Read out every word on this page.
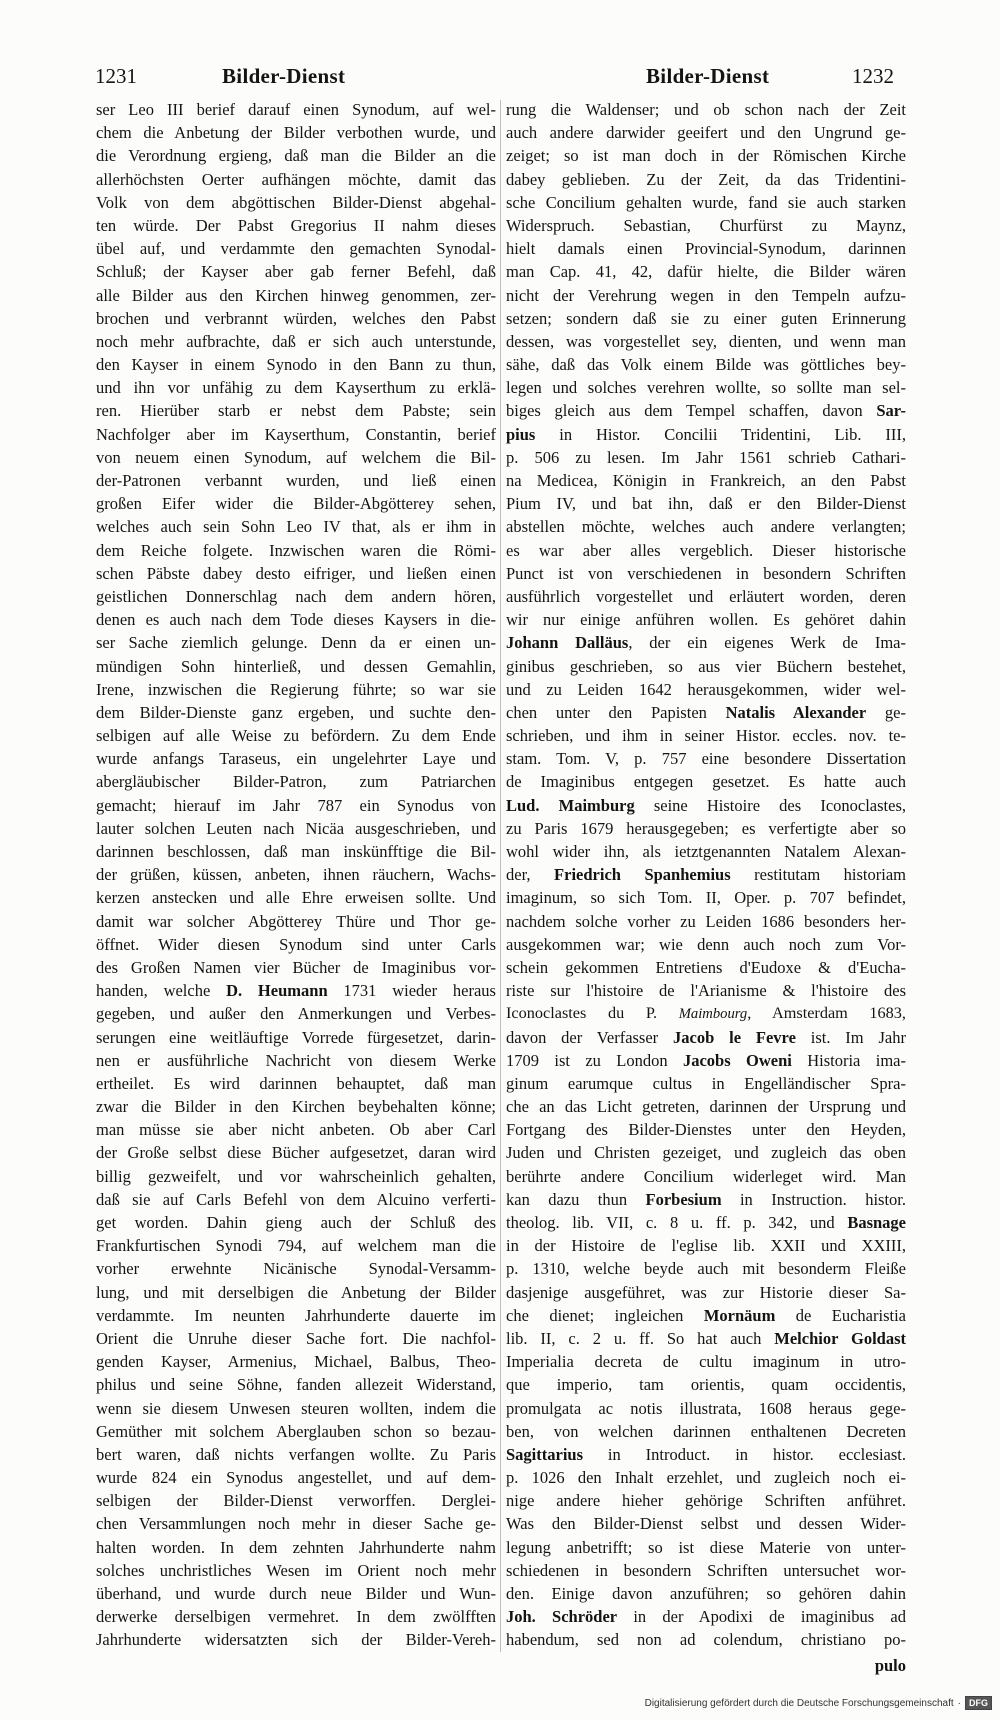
1231	Bilder-Dienst	Bilder-Dienst	1232
ser Leo III berief darauf einen Synodum, auf wel-
chem die Anbetung der Bilder verbothen wurde, und
die Verordnung ergieng, daß man die Bilder an die
allerhöchsten Oerter aufhängen möchte, damit das
Volk von dem abgöttischen Bilder-Dienst abgehal-
ten würde. Der Pabst Gregorius II nahm dieses
übel auf, und verdammte den gemachten Synodal-
Schluß; der Kayser aber gab ferner Befehl, daß
alle Bilder aus den Kirchen hinweg genommen, zer-
brochen und verbrannt würden, welches den Pabst
noch mehr aufbrachte, daß er sich auch unterstunde,
den Kayser in einem Synodo in den Bann zu thun,
und ihn vor unfähig zu dem Kayserthum zu erklä-
ren. Hierüber starb er nebst dem Pabste; sein
Nachfolger aber im Kayserthum, Constantin, berief
von neuem einen Synodum, auf welchem die Bil-
der-Patronen verbannt wurden, und ließ einen
großen Eifer wider die Bilder-Abgötterey sehen,
welches auch sein Sohn Leo IV that, als er ihm in
dem Reiche folgete. Inzwischen waren die Römi-
schen Päbste dabey desto eifriger, und ließen einen
geistlichen Donnerschlag nach dem andern hören,
denen es auch nach dem Tode dieses Kaysers in die-
ser Sache ziemlich gelunge. Denn da er einen un-
mündigen Sohn hinterließ, und dessen Gemahlin,
Irene, inzwischen die Regierung führte; so war sie
dem Bilder-Dienste ganz ergeben, und suchte den-
selbigen auf alle Weise zu befördern. Zu dem Ende
wurde anfangs Taraseus, ein ungelehrter Laye und
abergläubischer Bilder-Patron, zum Patriarchen
gemacht; hierauf im Jahr 787 ein Synodus von
lauter solchen Leuten nach Nicäa ausgeschrieben, und
darinnen beschlossen, daß man inskünfftige die Bil-
der grüßen, küssen, anbeten, ihnen räuchern, Wachs-
kerzen anstecken und alle Ehre erweisen sollte. Und
damit war solcher Abgötterey Thüre und Thor ge-
öffnet. Wider diesen Synodum sind unter Carls
des Großen Namen vier Bücher de Imaginibus vor-
handen, welche D. Heumann 1731 wieder heraus
gegeben, und außer den Anmerkungen und Verbes-
serungen eine weitläuftige Vorrede fürgesetzet, darin-
nen er ausführliche Nachricht von diesem Werke
ertheilet. Es wird darinnen behauptet, daß man
zwar die Bilder in den Kirchen beybehalten könne;
man müsse sie aber nicht anbeten. Ob aber Carl
der Große selbst diese Bücher aufgesetzet, daran wird
billig gezweifelt, und vor wahrscheinlich gehalten,
daß sie auf Carls Befehl von dem Alcuino verferti-
get worden. Dahin gieng auch der Schluß des
Frankfurtischen Synodi 794, auf welchem man die
vorher erwehnte Nicänische Synodal-Versamm-
lung, und mit derselbigen die Anbetung der Bilder
verdammte. Im neunten Jahrhunderte dauerte im
Orient die Unruhe dieser Sache fort. Die nachfol-
genden Kayser, Armenius, Michael, Balbus, Theo-
philus und seine Söhne, fanden allezeit Widerstand,
wenn sie diesem Unwesen steuren wollten, indem die
Gemüther mit solchem Aberglauben schon so bezau-
bert waren, daß nichts verfangen wollte. Zu Paris
wurde 824 ein Synodus angestellet, und auf dem-
selbigen der Bilder-Dienst verworffen. Derglei-
chen Versammlungen noch mehr in dieser Sache ge-
halten worden. In dem zehnten Jahrhunderte nahm
solches unchristliches Wesen im Orient noch mehr
überhand, und wurde durch neue Bilder und Wun-
derwerke derselbigen vermehret. In dem zwölfften
Jahrhunderte widersatzten sich der Bilder-Vereh-
rung die Waldenser; und ob schon nach der Zeit
auch andere darwider geeifert und den Ungrund ge-
zeiget; so ist man doch in der Römischen Kirche
dabey geblieben. Zu der Zeit, da das Tridentini-
sche Concilium gehalten wurde, fand sie auch starken
Widerspruch. Sebastian, Churfürst zu Maynz,
hielt damals einen Provincial-Synodum, darinnen
man Cap. 41, 42, dafür hielte, die Bilder wären
nicht der Verehrung wegen in den Tempeln aufzu-
setzen; sondern daß sie zu einer guten Erinnerung
dessen, was vorgestellet sey, dienten, und wenn man
sähe, daß das Volk einem Bilde was göttliches bey-
legen und solches verehren wollte, so sollte man sel-
biges gleich aus dem Tempel schaffen, davon Sar-
pius in Histor. Concilii Tridentini, Lib. III,
p. 506 zu lesen. Im Jahr 1561 schrieb Cathari-
na Medicea, Königin in Frankreich, an den Pabst
Pium IV, und bat ihn, daß er den Bilder-Dienst
abstellen möchte, welches auch andere verlangten;
es war aber alles vergeblich. Dieser historische
Punct ist von verschiedenen in besondern Schriften
ausführlich vorgestellet und erläutert worden, deren
wir nur einige anführen wollen. Es gehöret dahin
Johann Dalläus, der ein eigenes Werk de Ima-
ginibus geschrieben, so aus vier Büchern bestehet,
und zu Leiden 1642 herausgekommen, wider wel-
chen unter den Papisten Natalis Alexander ge-
schrieben, und ihm in seiner Histor. eccles. nov. te-
stam. Tom. V, p. 757 eine besondere Dissertation
de Imaginibus entgegen gesetzet. Es hatte auch
Lud. Maimburg seine Histoire des Iconoclastes,
zu Paris 1679 herausgegeben; es verfertigte aber so
wohl wider ihn, als ietztgenannten Natalem Alexan-
der, Friedrich Spanhemius restitutam historiam
imaginum, so sich Tom. II, Oper. p. 707 befindet,
nachdem solche vorher zu Leiden 1686 besonders her-
ausgekommen war; wie denn auch noch zum Vor-
schein gekommen Entretiens d'Eudoxe & d'Eucha-
riste sur l'histoire de l'Arianisme & l'histoire des
Iconoclastes du P. Maimbourg, Amsterdam 1683,
davon der Verfasser Jacob le Fevre ist. Im Jahr
1709 ist zu London Jacobs Oweni Historia ima-
ginum earumque cultus in Engelländischer Spra-
che an das Licht getreten, darinnen der Ursprung und
Fortgang des Bilder-Dienstes unter den Heyden,
Juden und Christen gezeiget, und zugleich das oben
berührte andere Concilium widerleget wird. Man
kan dazu thun Forbesium in Instruction. histor.
theolog. lib. VII, c. 8 u. ff. p. 342, und Basnage
in der Histoire de l'eglise lib. XXII und XXIII,
p. 1310, welche beyde auch mit besonderm Fleiße
dasjenige ausgeführet, was zur Historie dieser Sa-
che dienet; ingleichen Mornäum de Eucharistia
lib. II, c. 2 u. ff. So hat auch Melchior Goldast
Imperialia decreta de cultu imaginum in utro-
que imperio, tam orientis, quam occidentis,
promulgata ac notis illustrata, 1608 heraus gege-
ben, von welchen darinnen enthaltenen Decreten
Sagittarius in Introduct. in histor. ecclesiast.
p. 1026 den Inhalt erzehlet, und zugleich noch ei-
nige andere hieher gehörige Schriften anführet.
Was den Bilder-Dienst selbst und dessen Wider-
legung anbetrifft; so ist diese Materie von unter-
schiedenen in besondern Schriften untersuchet wor-
den. Einige davon anzuführen; so gehören dahin
Joh. Schröder in der Apodixi de imaginibus ad
habendum, sed non ad colendum, christiano po-
pulo
Digitalisierung gefördert durch die Deutsche Forschungsgemeinschaft · DFG
